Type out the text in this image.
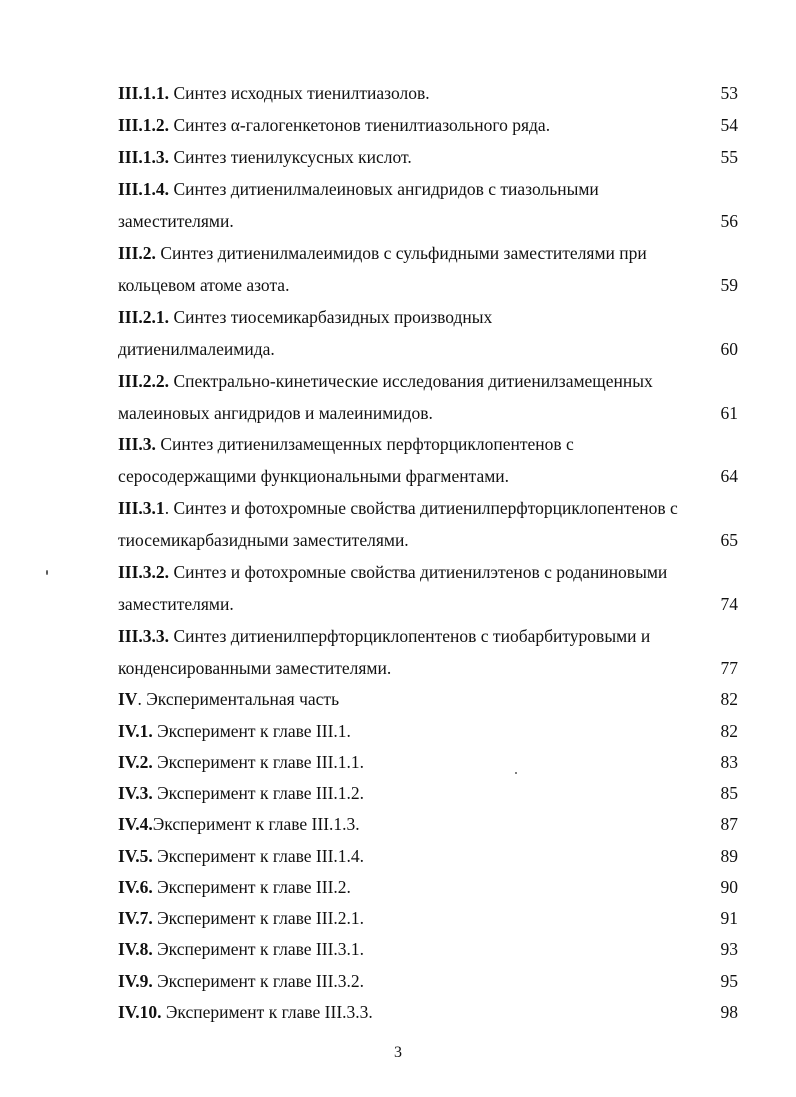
III.1.1. Синтез исходных тиенилтиазолов.	53
III.1.2. Синтез α-галогенкетонов тиенилтиазольного ряда.	54
III.1.3. Синтез тиенилуксусных кислот.	55
III.1.4. Синтез дитиенилмалеиновых ангидридов с тиазольными
заместителями.	56
III.2. Синтез дитиенилмалеимидов с сульфидными заместителями при
кольцевом атоме азота.	59
III.2.1. Синтез тиосемикарбазидных производных
дитиенилмалеимида.	60
III.2.2. Спектрально-кинетические исследования дитиенилзамещенных
малеиновых ангидридов и малеинимидов.	61
III.3. Синтез дитиенилзамещенных перфторциклопентенов с
серосодержащими функциональными фрагментами.	64
III.3.1. Синтез и фотохромные свойства дитиенилперфторциклопентенов с
тиосемикарбазидными заместителями.	65
III.3.2. Синтез и фотохромные свойства дитиенилэтенов с роданиновыми
заместителями.	74
III.3.3. Синтез дитиенилперфторциклопентенов с тиобарбитуровыми и
конденсированными заместителями.	77
IV. Экспериментальная часть	82
IV.1. Эксперимент к главе III.1.	82
IV.2. Эксперимент к главе III.1.1.	83
IV.3. Эксперимент к главе III.1.2.	85
IV.4.Эксперимент к главе III.1.3.	87
IV.5. Эксперимент к главе III.1.4.	89
IV.6. Эксперимент к главе III.2.	90
IV.7. Эксперимент к главе III.2.1.	91
IV.8. Эксперимент к главе III.3.1.	93
IV.9. Эксперимент к главе III.3.2.	95
IV.10. Эксперимент к главе III.3.3.	98
3
